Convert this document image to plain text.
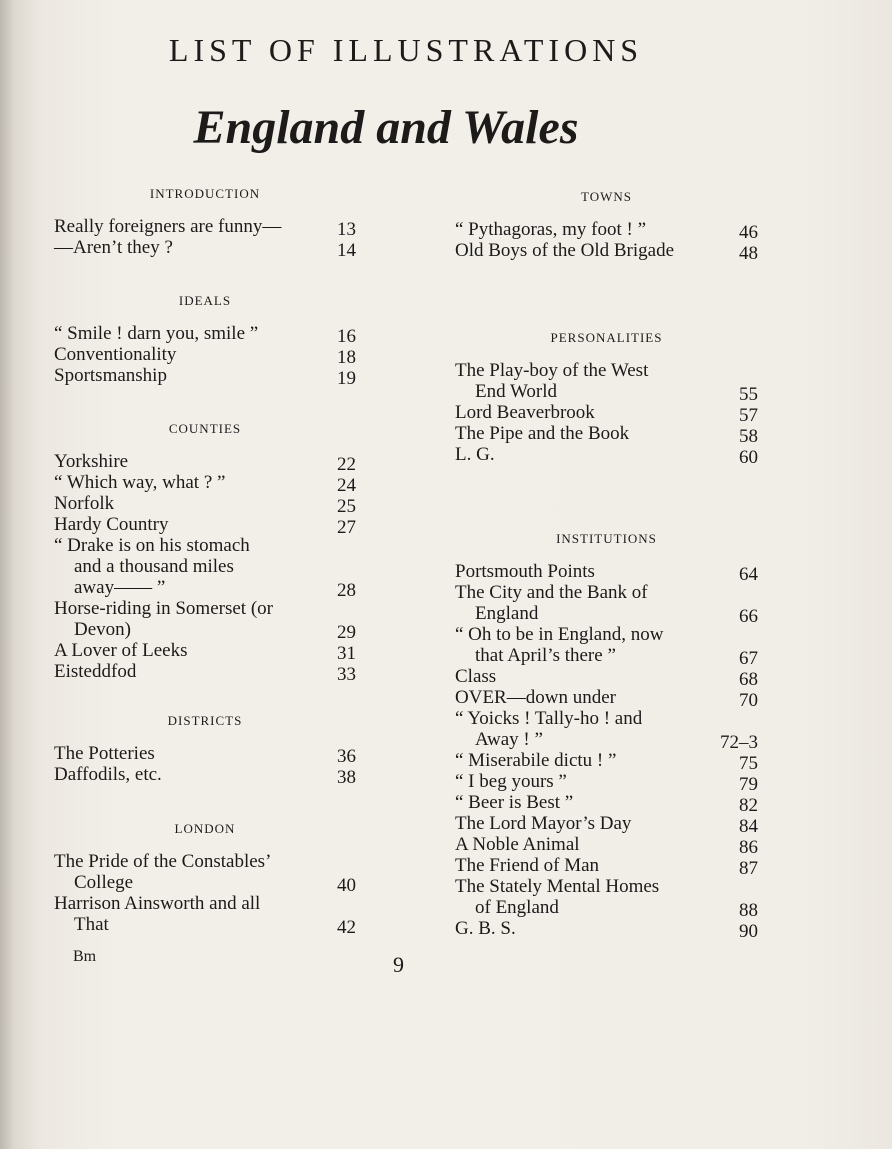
LIST OF ILLUSTRATIONS
England and Wales
INTRODUCTION
Really foreigners are funny—	13
—Aren’t they ?	14
IDEALS
“ Smile ! darn you, smile ”	16
Conventionality	18
Sportsmanship	19
COUNTIES
Yorkshire	22
“ Which way, what ? ”	24
Norfolk	25
Hardy Country	27
“ Drake is on his stomach
and a thousand miles
away—— ”	28
Horse-riding in Somerset (or
Devon)	29
A Lover of Leeks	31
Eisteddfod	33
DISTRICTS
The Potteries	36
Daffodils, etc.	38
LONDON
The Pride of the Constables’
College	40
Harrison Ainsworth and all
That	42
TOWNS
“ Pythagoras, my foot ! ”	46
Old Boys of the Old Brigade	48
PERSONALITIES
The Play-boy of the West
End World	55
Lord Beaverbrook	57
The Pipe and the Book	58
L. G.	60
INSTITUTIONS
Portsmouth Points	64
The City and the Bank of
England	66
“ Oh to be in England, now
that April’s there ”	67
Class	68
OVER—down under	70
“ Yoicks ! Tally-ho ! and
Away ! ”	72–3
“ Miserabile dictu ! ”	75
“ I beg yours ”	79
“ Beer is Best ”	82
The Lord Mayor’s Day	84
A Noble Animal	86
The Friend of Man	87
The Stately Mental Homes
of England	88
G. B. S.	90
Bm	9
